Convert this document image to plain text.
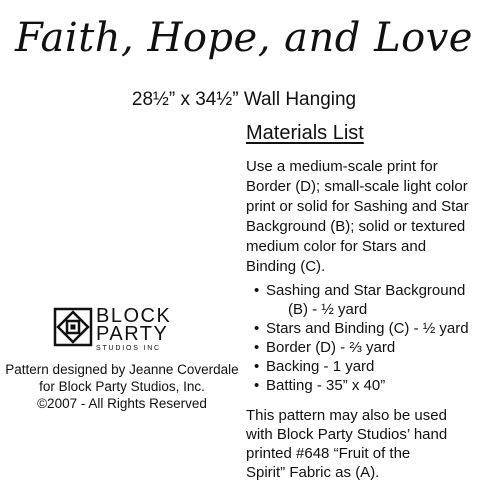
Faith, Hope, and Love
28½” x 34½” Wall Hanging
Materials List

Use a medium-scale print for
Border (D); small-scale light color
print or solid for Sashing and Star
Background (B); solid or textured
medium color for Stars and
Binding (C).

• Sashing and Star Background
(B) - ½ yard
• Stars and Binding (C) - ½ yard
• Border (D) - ⅔ yard
• Backing - 1 yard
• Batting - 35” x 40”

This pattern may also be used
with Block Party Studios’ hand
printed #648 “Fruit of the
Spirit” Fabric as (A).

BLOCK
PARTY
STUDIOS INC

Pattern designed by Jeanne Coverdale
for Block Party Studios, Inc.
©2007 - All Rights Reserved
